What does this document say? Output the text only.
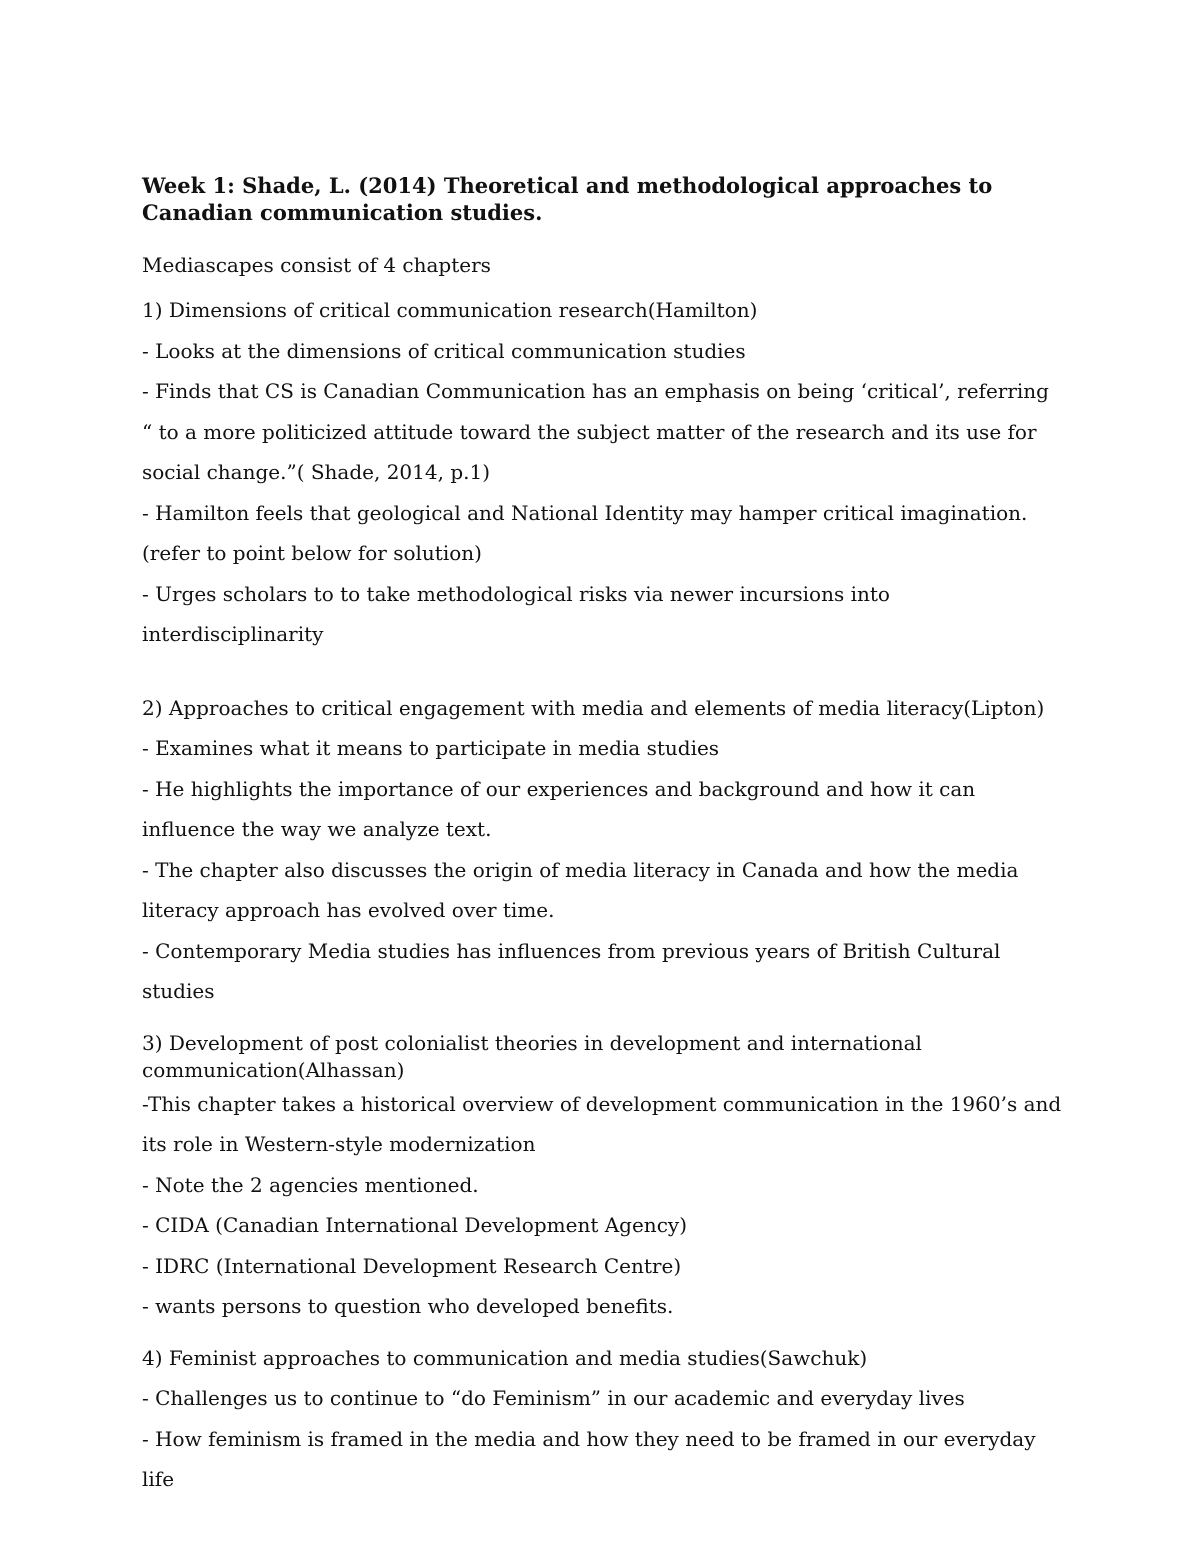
Week 1: Shade, L. (2014) Theoretical and methodological approaches to Canadian communication studies.

Mediascapes consist of 4 chapters

1) Dimensions of critical communication research(Hamilton)

- Looks at the dimensions of critical communication studies

- Finds that CS is Canadian Communication has an emphasis on being ‘critical’, referring “ to a more politicized attitude toward the subject matter of the research and its use for social change.”( Shade, 2014, p.1)

- Hamilton feels that geological and National Identity may hamper critical imagination. (refer to point below for solution)

- Urges scholars to to take methodological risks via newer incursions into interdisciplinarity

2) Approaches to critical engagement with media and elements of media literacy(Lipton)

- Examines what it means to participate in media studies

- He highlights the importance of our experiences and background and how it can influence the way we analyze text.

- The chapter also discusses the origin of media literacy in Canada and how the media literacy approach has evolved over time.

- Contemporary Media studies has influences from previous years of British Cultural studies

3) Development of post colonialist theories in development and international communication(Alhassan)

-This chapter takes a historical overview of development communication in the 1960’s and its role in Western-style modernization

- Note the 2 agencies mentioned.

- CIDA (Canadian International Development Agency)

- IDRC (International Development Research Centre)

- wants persons to question who developed benefits.

4) Feminist approaches to communication and media studies(Sawchuk)

- Challenges us to continue to “do Feminism” in our academic and everyday lives

- How feminism is framed in the media and how they need to be framed in our everyday life
